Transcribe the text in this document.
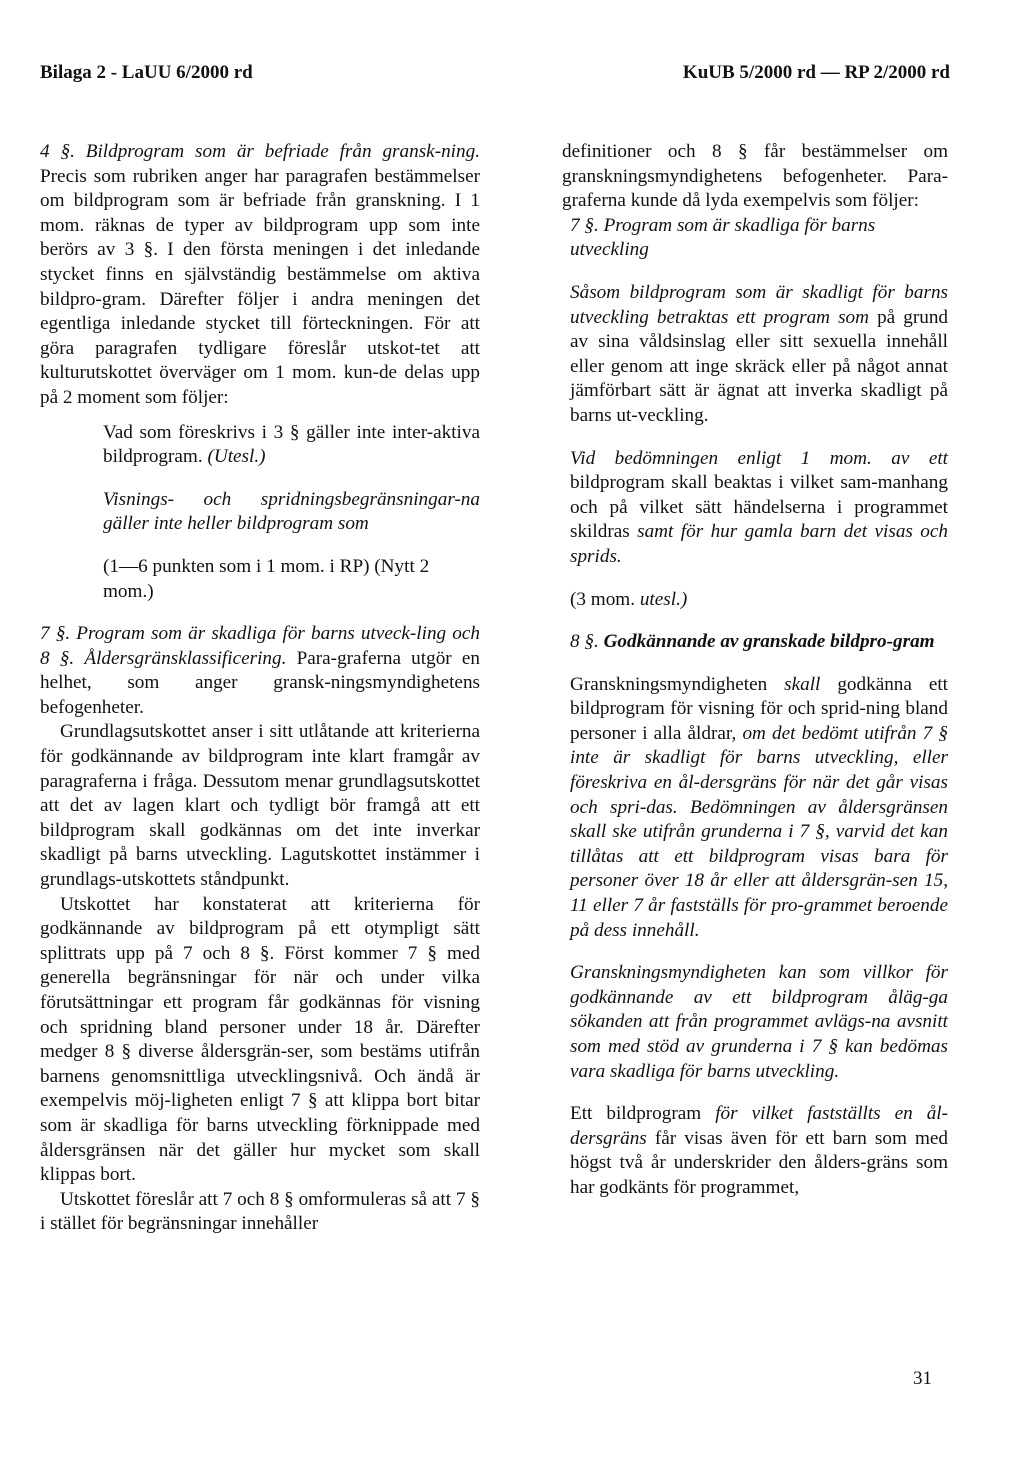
Bilaga 2 - LaUU 6/2000 rd	KuUB 5/2000 rd — RP 2/2000 rd

4 §. Bildprogram som är befriade från gransk-ning. Precis som rubriken anger har paragrafen bestämmelser om bildprogram som är befriade från granskning. I 1 mom. räknas de typer av bildprogram upp som inte berörs av 3 §. I den första meningen i det inledande stycket finns en självständig bestämmelse om aktiva bildpro-gram. Därefter följer i andra meningen det egentliga inledande stycket till förteckningen. För att göra paragrafen tydligare föreslår utskot-tet att kulturutskottet överväger om 1 mom. kun-de delas upp på 2 moment som följer:

Vad som föreskrivs i 3 § gäller inte inter-aktiva bildprogram. (Utesl.)

Visnings- och spridningsbegränsningar-na gäller inte heller bildprogram som

(1—6 punkten som i 1 mom. i RP) (Nytt 2 mom.)

7 §. Program som är skadliga för barns utveck-ling och 8 §. Åldersgränsklassificering. Para-graferna utgör en helhet, som anger gransk-ningsmyndighetens befogenheter.

Grundlagsutskottet anser i sitt utlåtande att kriterierna för godkännande av bildprogram inte klart framgår av paragraferna i fråga. Dessutom menar grundlagsutskottet att det av lagen klart och tydligt bör framgå att ett bildprogram skall godkännas om det inte inverkar skadligt på barns utveckling. Lagutskottet instämmer i grundlags-utskottets ståndpunkt.

Utskottet har konstaterat att kriterierna för godkännande av bildprogram på ett otympligt sätt splittrats upp på 7 och 8 §. Först kommer 7 § med generella begränsningar för när och under vilka förutsättningar ett program får godkännas för visning och spridning bland personer under 18 år. Därefter medger 8 § diverse åldersgrän-ser, som bestäms utifrån barnens genomsnittliga utvecklingsnivå. Och ändå är exempelvis möj-ligheten enligt 7 § att klippa bort bitar som är skadliga för barns utveckling förknippade med åldersgränsen när det gäller hur mycket som skall klippas bort.

Utskottet föreslår att 7 och 8 § omformuleras så att 7 § i stället för begränsningar innehåller

definitioner och 8 § får bestämmelser om granskningsmyndighetens befogenheter. Para-graferna kunde då lyda exempelvis som följer:

7 §. Program som är skadliga för barns utveckling

Såsom bildprogram som är skadligt för barns utveckling betraktas ett program som på grund av sina våldsinslag eller sitt sexuella innehåll eller genom att inge skräck eller på något annat jämförbart sätt är ägnat att inverka skadligt på barns ut-veckling.

Vid bedömningen enligt 1 mom. av ett bildprogram skall beaktas i vilket sam-manhang och på vilket sätt händelserna i programmet skildras samt för hur gamla barn det visas och sprids.

(3 mom. utesl.)

8 §. Godkännande av granskade bildpro-gram

Granskningsmyndigheten skall godkänna ett bildprogram för visning för och sprid-ning bland personer i alla åldrar, om det bedömt utifrån 7 § inte är skadligt för barns utveckling, eller föreskriva en ål-dersgräns för när det går visas och spri-das. Bedömningen av åldersgränsen skall ske utifrån grunderna i 7 §, varvid det kan tillåtas att ett bildprogram visas bara för personer över 18 år eller att åldersgrän-sen 15, 11 eller 7 år fastställs för pro-grammet beroende på dess innehåll.

Granskningsmyndigheten kan som villkor för godkännande av ett bildprogram åläg-ga sökanden att från programmet avlägs-na avsnitt som med stöd av grunderna i 7 § kan bedömas vara skadliga för barns utveckling.

Ett bildprogram för vilket fastställts en ål-dersgräns får visas även för ett barn som med högst två år underskrider den ålders-gräns som har godkänts för programmet,

31
